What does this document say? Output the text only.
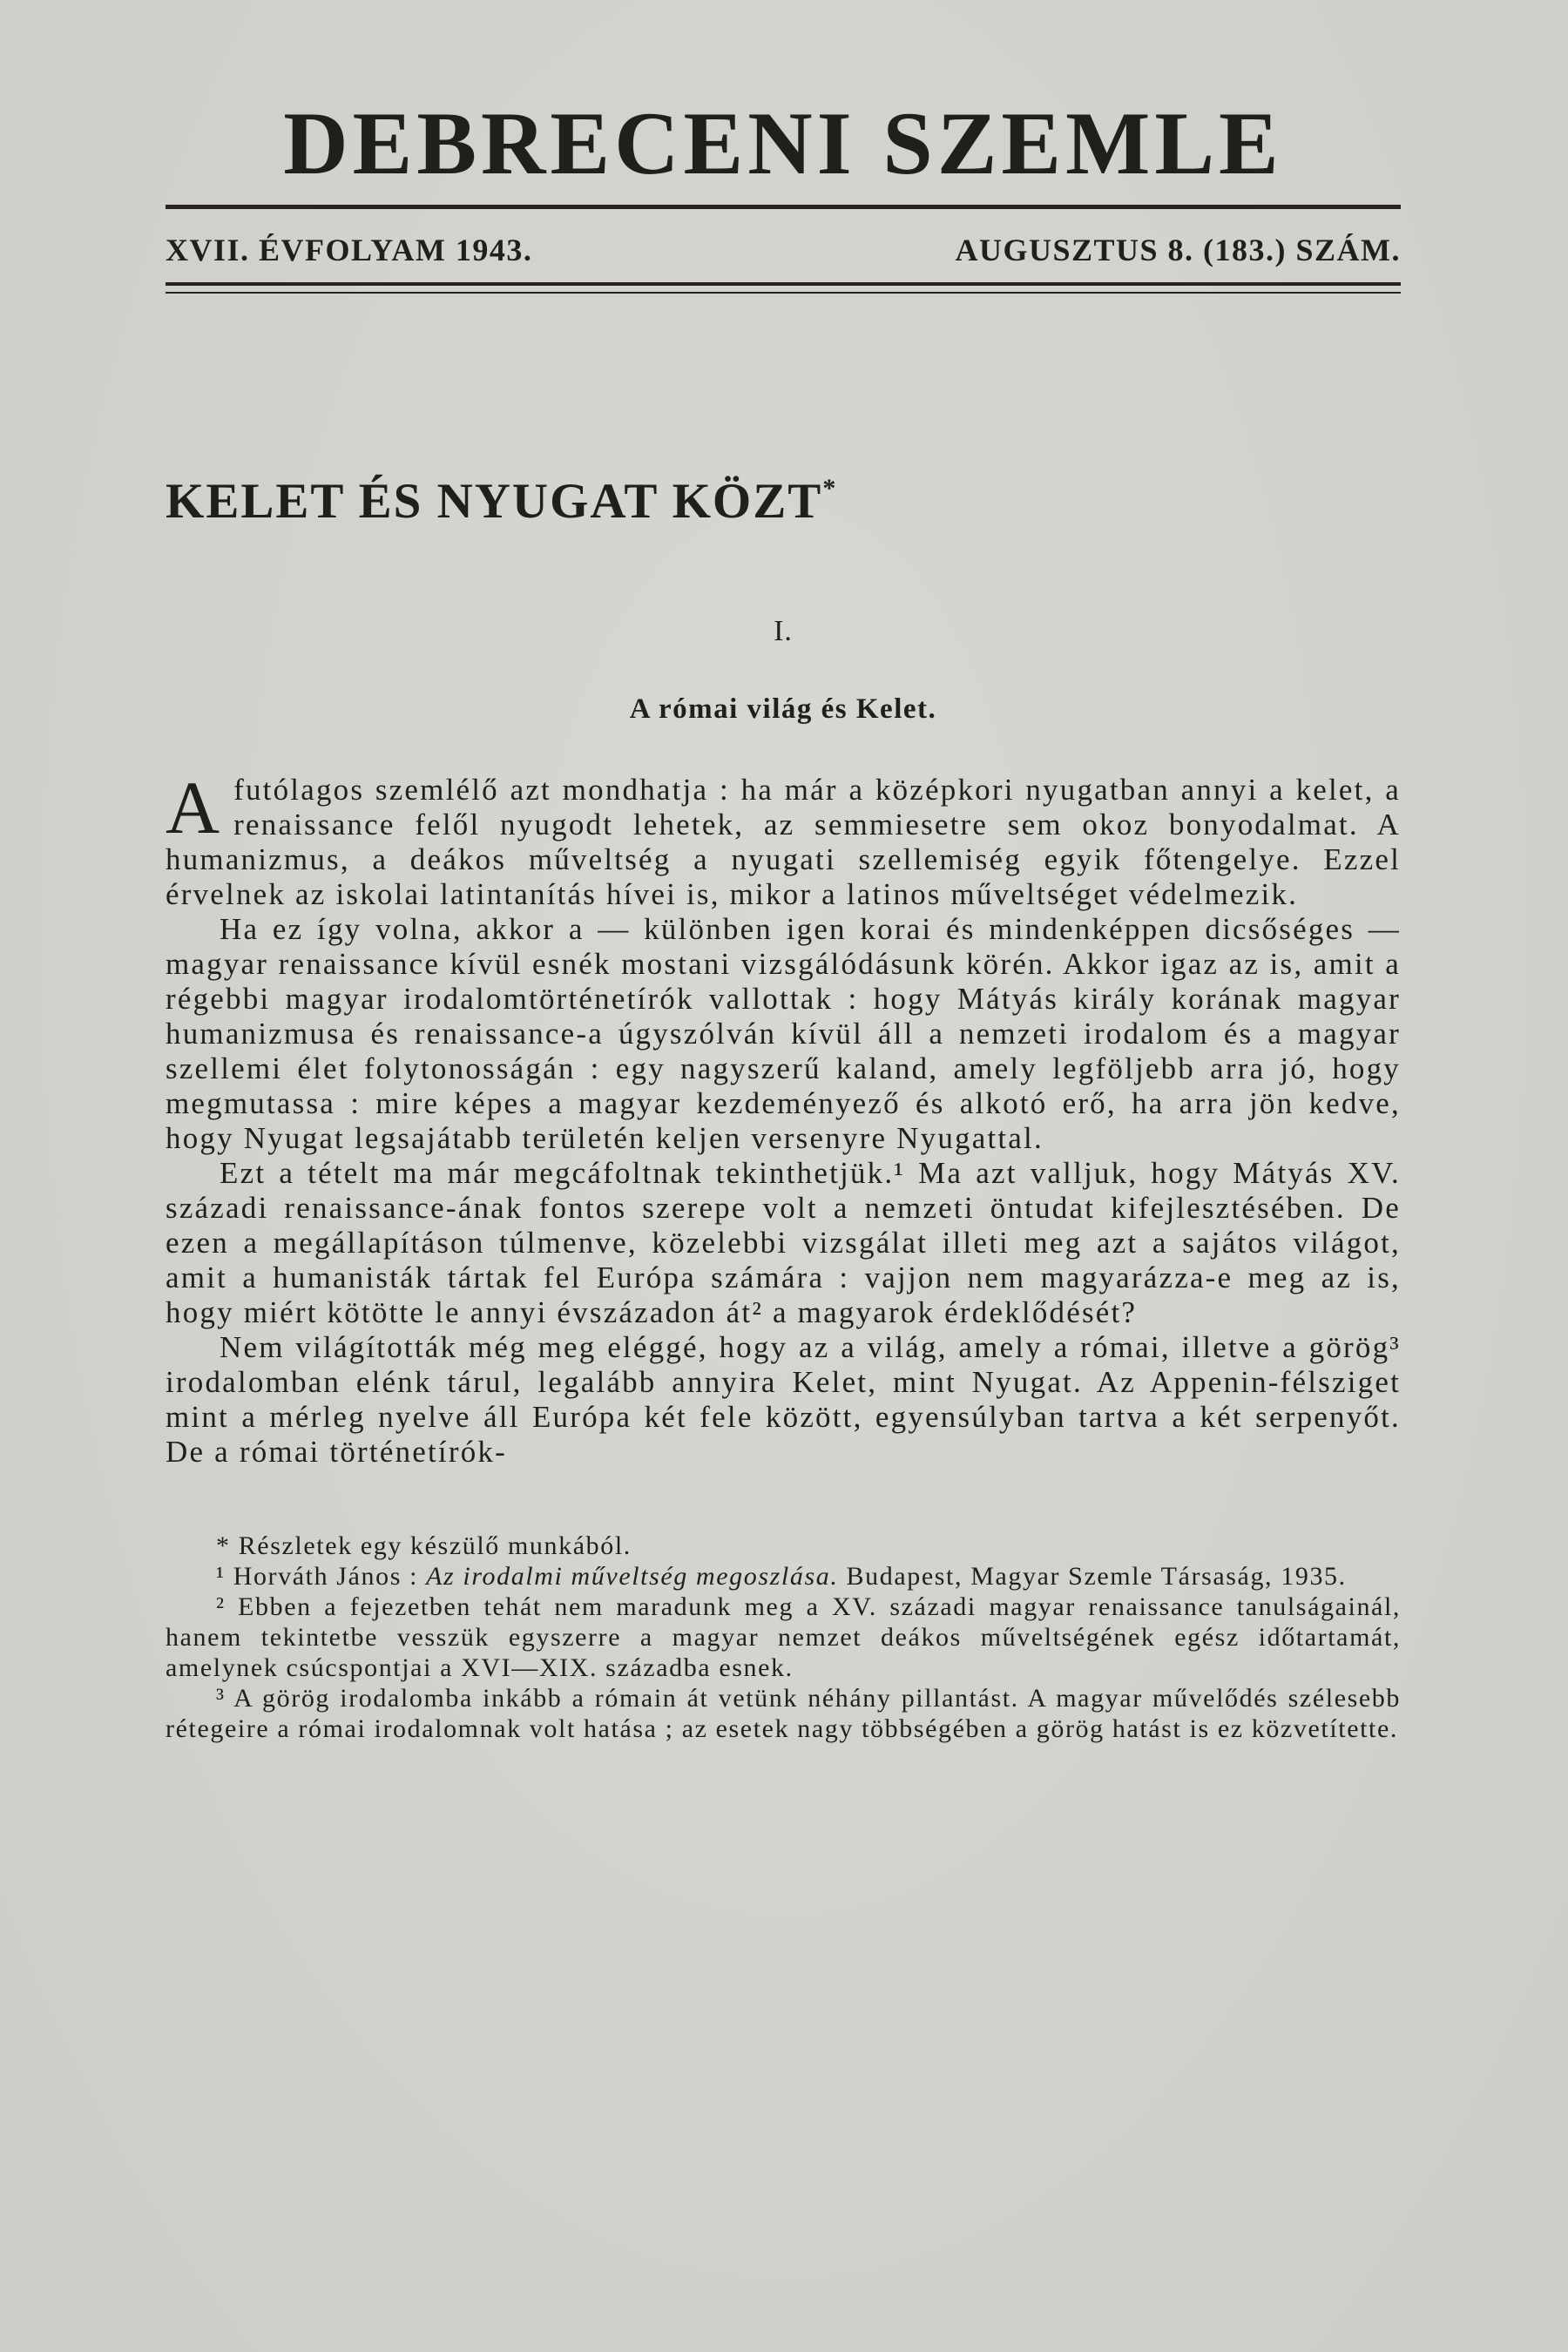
DEBRECENI SZEMLE
XVII. ÉVFOLYAM 1943.	AUGUSZTUS 8. (183.) SZÁM.
KELET ÉS NYUGAT KÖZT*
I.
A római világ és Kelet.

Afutólagos szemlélő azt mondhatja : ha már a középkori nyugatban annyi a kelet, a renaissance felől nyugodt lehetek, az semmiesetre sem okoz bonyodalmat. A humanizmus, a deákos műveltség a nyugati szellemiség egyik főtengelye. Ezzel érvelnek az iskolai latintanítás hívei is, mikor a latinos műveltséget védelmezik.

Ha ez így volna, akkor a — különben igen korai és mindenképpen dicsőséges — magyar renaissance kívül esnék mostani vizsgálódásunk körén. Akkor igaz az is, amit a régebbi magyar irodalomtörténetírók vallottak : hogy Mátyás király korának magyar humanizmusa és renaissance-a úgyszólván kívül áll a nemzeti irodalom és a magyar szellemi élet folytonosságán : egy nagyszerű kaland, amely legföljebb arra jó, hogy megmutassa : mire képes a magyar kezdeményező és alkotó erő, ha arra jön kedve, hogy Nyugat legsajátabb területén keljen versenyre Nyugattal.

Ezt a tételt ma már megcáfoltnak tekinthetjük.¹ Ma azt valljuk, hogy Mátyás XV. századi renaissance-ának fontos szerepe volt a nemzeti öntudat kifejlesztésében. De ezen a megállapításon túlmenve, közelebbi vizsgálat illeti meg azt a sajátos világot, amit a humanisták tártak fel Európa számára : vajjon nem magyarázza-e meg az is, hogy miért kötötte le annyi évszázadon át² a magyarok érdeklődését?

Nem világították még meg eléggé, hogy az a világ, amely a római, illetve a görög³ irodalomban elénk tárul, legalább annyira Kelet, mint Nyugat. Az Appenin-félsziget mint a mérleg nyelve áll Európa két fele között, egyensúlyban tartva a két serpenyőt. De a római történetírók-

* Részletek egy készülő munkából.

¹ Horváth János : Az irodalmi műveltség megoszlása. Budapest, Magyar Szemle Társaság, 1935.

² Ebben a fejezetben tehát nem maradunk meg a XV. századi magyar renaissance tanulságainál, hanem tekintetbe vesszük egyszerre a magyar nemzet deákos műveltségének egész időtartamát, amelynek csúcspontjai a XVI—XIX. századba esnek.

³ A görög irodalomba inkább a rómain át vetünk néhány pillantást. A magyar művelődés szélesebb rétegeire a római irodalomnak volt hatása ; az esetek nagy többségében a görög hatást is ez közvetítette.
